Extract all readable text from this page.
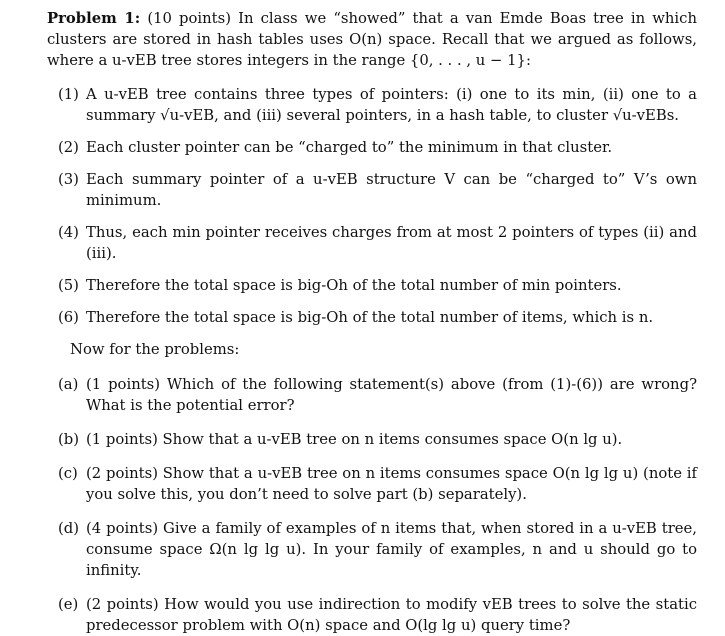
Problem 1: (10 points) In class we “showed” that a van Emde Boas tree in which clusters are stored in hash tables uses O(n) space. Recall that we argued as follows, where a u-vEB tree stores integers in the range {0, . . . , u − 1}:
(1) A u-vEB tree contains three types of pointers: (i) one to its min, (ii) one to a summary √u-vEB, and (iii) several pointers, in a hash table, to cluster √u-vEBs.
(2) Each cluster pointer can be “charged to” the minimum in that cluster.
(3) Each summary pointer of a u-vEB structure V can be “charged to” V’s own minimum.
(4) Thus, each min pointer receives charges from at most 2 pointers of types (ii) and (iii).
(5) Therefore the total space is big-Oh of the total number of min pointers.
(6) Therefore the total space is big-Oh of the total number of items, which is n.
Now for the problems:
(a) (1 points) Which of the following statement(s) above (from (1)-(6)) are wrong? What is the potential error?
(b) (1 points) Show that a u-vEB tree on n items consumes space O(n lg u).
(c) (2 points) Show that a u-vEB tree on n items consumes space O(n lg lg u) (note if you solve this, you don’t need to solve part (b) separately).
(d) (4 points) Give a family of examples of n items that, when stored in a u-vEB tree, consume space Ω(n lg lg u). In your family of examples, n and u should go to infinity.
(e) (2 points) How would you use indirection to modify vEB trees to solve the static predecessor problem with O(n) space and O(lg lg u) query time?
